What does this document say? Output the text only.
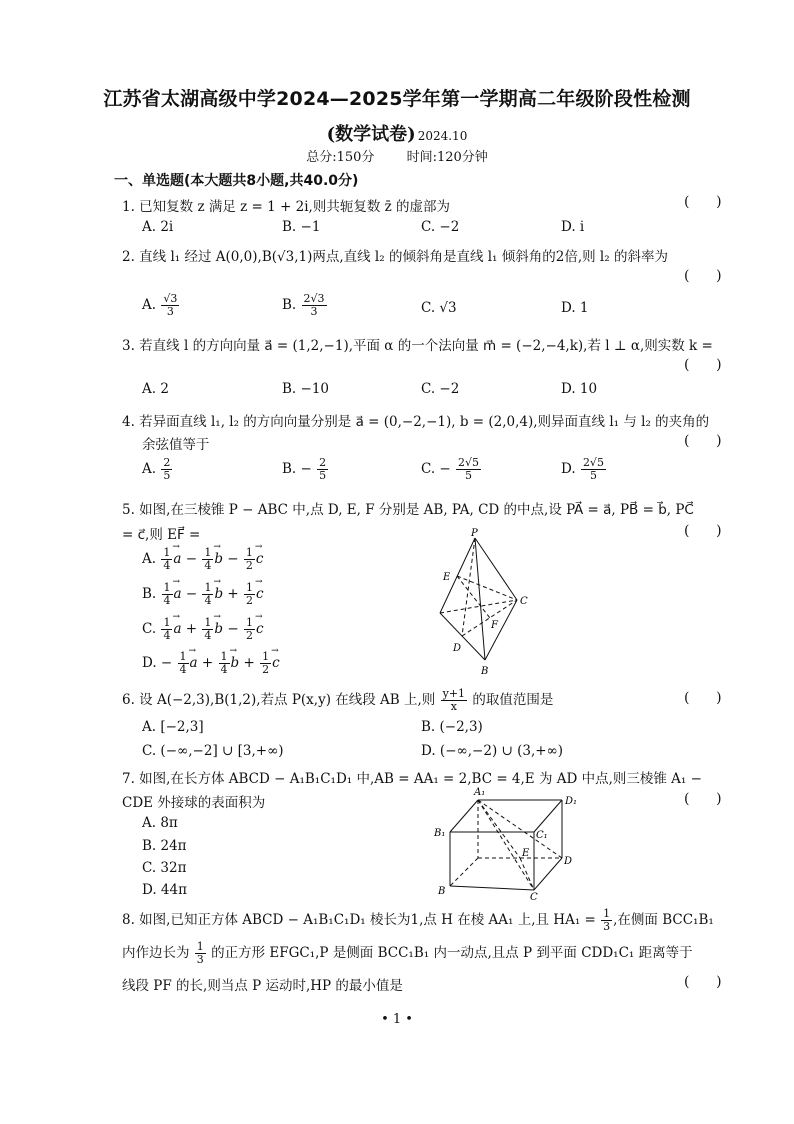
江苏省太湖高级中学2024—2025学年第一学期高二年级阶段性检测
(数学试卷) 2024.10
总分:150分 时间:120分钟
一、单选题(本大题共8小题,共40.0分)
1. 已知复数 z 满足 z = 1 + 2i,则共轭复数 z̄ 的虚部为	(      )
A. 2i	B. −1	C. −2	D. i
2. 直线 l₁ 经过 A(0,0),B(√3,1)两点,直线 l₂ 的倾斜角是直线 l₁ 倾斜角的2倍,则 l₂ 的斜率为
(      )
A. $\frac{√3}{3}$	B. $\frac{2√3}{3}$	C. √3	D. 1
3. 若直线 l 的方向向量 a⃗ = (1,2,−1),平面 α 的一个法向量 m⃗ = (−2,−4,k),若 l ⊥ α,则实数 k =
(      )
A. 2	B. −10	C. −2	D. 10
4. 若异面直线 l₁, l₂ 的方向向量分别是 a⃗ = (0,−2,−1), b = (2,0,4),则异面直线 l₁ 与 l₂ 的夹角的
余弦值等于	(      )
A. $\frac{2}{5}$	B. − $\frac{2}{5}$	C. − $\frac{2√5}{5}$	D. $\frac{2√5}{5}$
5. 如图,在三棱锥 P − ABC 中,点 D, E, F 分别是 AB, PA, CD 的中点,设 PA⃗ = a⃗, PB⃗ = b⃗, PC⃗
= c⃗,则 EF⃗ =	(      )
A. $\frac{1}{4}$
→ $a - \frac{1}{4}$
→ $b - \frac{1}{2}$
→ c
B. $\frac{1}{4}$
→ $a - \frac{1}{4}$
→ $b + \frac{1}{2}$
→ c
C. $\frac{1}{4}$
→ $a + \frac{1}{4}$
→ $b - \frac{1}{2}$
→ c
D. − $\frac{1}{4}$
→ $a + \frac{1}{4}$
→ $b + \frac{1}{2}$
→ c
P
E
C
F
D
B
6. 设 A(−2,3),B(1,2),若点 P(x,y) 在线段 AB 上,则 $\frac{y+1}{x}$ 的取值范围是	(      )
A. [−2,3]	B. (−2,3)
C. (−∞,−2] ∪ [3,+∞)	D. (−∞,−2) ∪ (3,+∞)
7. 如图,在长方体 ABCD − A₁B₁C₁D₁ 中,AB = AA₁ = 2,BC = 4,E 为 AD 中点,则三棱锥 A₁ −
CDE 外接球的表面积为	(      )
A. 8π
B. 24π
C. 32π
D. 44π
A₁
D₁
B₁	C₁
E
D
B
C
8. 如图,已知正方体 ABCD − A₁B₁C₁D₁ 棱长为1,点 H 在棱 AA₁ 上,且 $HA_1 = \frac{1}{3}$ ,在侧面 BCC₁B₁
内作边长为 $\frac{1}{3}$ 的正方形 EFGC₁,P 是侧面 BCC₁B₁ 内一动点,且点 P 到平面 CDD₁C₁ 距离等于
线段 PF 的长,则当点 P 运动时,HP 的最小值是	(      )
• 1 •
